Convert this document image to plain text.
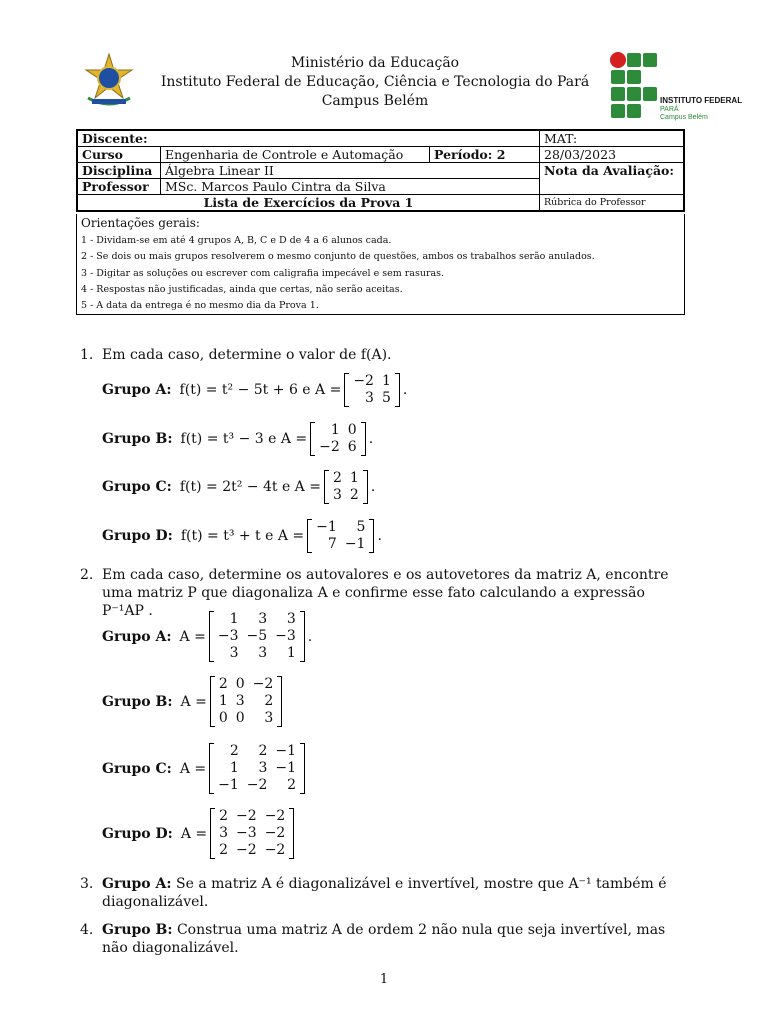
Ministério da Educação
Instituto Federal de Educação, Ciência e Tecnologia do Pará
Campus Belém	INSTITUTO FEDERAL
PARÁ
Campus Belém
Discente:			MAT:
Curso	Engenharia de Controle e Automação	Período: 2	28/03/2023
Disciplina	Álgebra Linear II		Nota da Avaliação:
Professor	MSc. Marcos Paulo Cintra da Silva		
Lista de Exercícios da Prova 1			Rúbrica do Professor
Orientações gerais:
1 - Dividam-se em até 4 grupos A, B, C e D de 4 a 6 alunos cada.
2 - Se dois ou mais grupos resolverem o mesmo conjunto de questões, ambos os trabalhos serão anulados.
3 - Digitar as soluções ou escrever com caligrafia impecável e sem rasuras.
4 - Respostas não justificadas, ainda que certas, não serão aceitas.
5 - A data da entrega é no mesmo dia da Prova 1.
1. Em cada caso, determine o valor de f(A).
Grupo A: f(t) = t² − 5t + 6 e A =
−2 1
3 5 .
Grupo B: f(t) = t³ − 3 e A =
1 0
−2 6 .
Grupo C: f(t) = 2t² − 4t e A =
2 1
3 2 .
Grupo D: f(t) = t³ + t e A =
−1	5
7 −1 .
2. Em cada caso, determine os autovalores e os autovetores da matriz A, encontre uma matriz P que diagonaliza A e confirme esse fato calculando a expressão P⁻¹AP .
Grupo A: A =
1	3	3
−3 −5 −3
3	3	1
.
Grupo B: A =
2 0 −2
1 3	2
0 0	3
Grupo C: A =
2	2 −1
1	3 −1
−1 −2	2
Grupo D: A =
2 −2 −2
3 −3 −2
2 −2 −2
3. Grupo A: Se a matriz A é diagonalizável e invertível, mostre que A⁻¹ também é diagonalizável.
4. Grupo B: Construa uma matriz A de ordem 2 não nula que seja invertível, mas não diagonalizável.
1
